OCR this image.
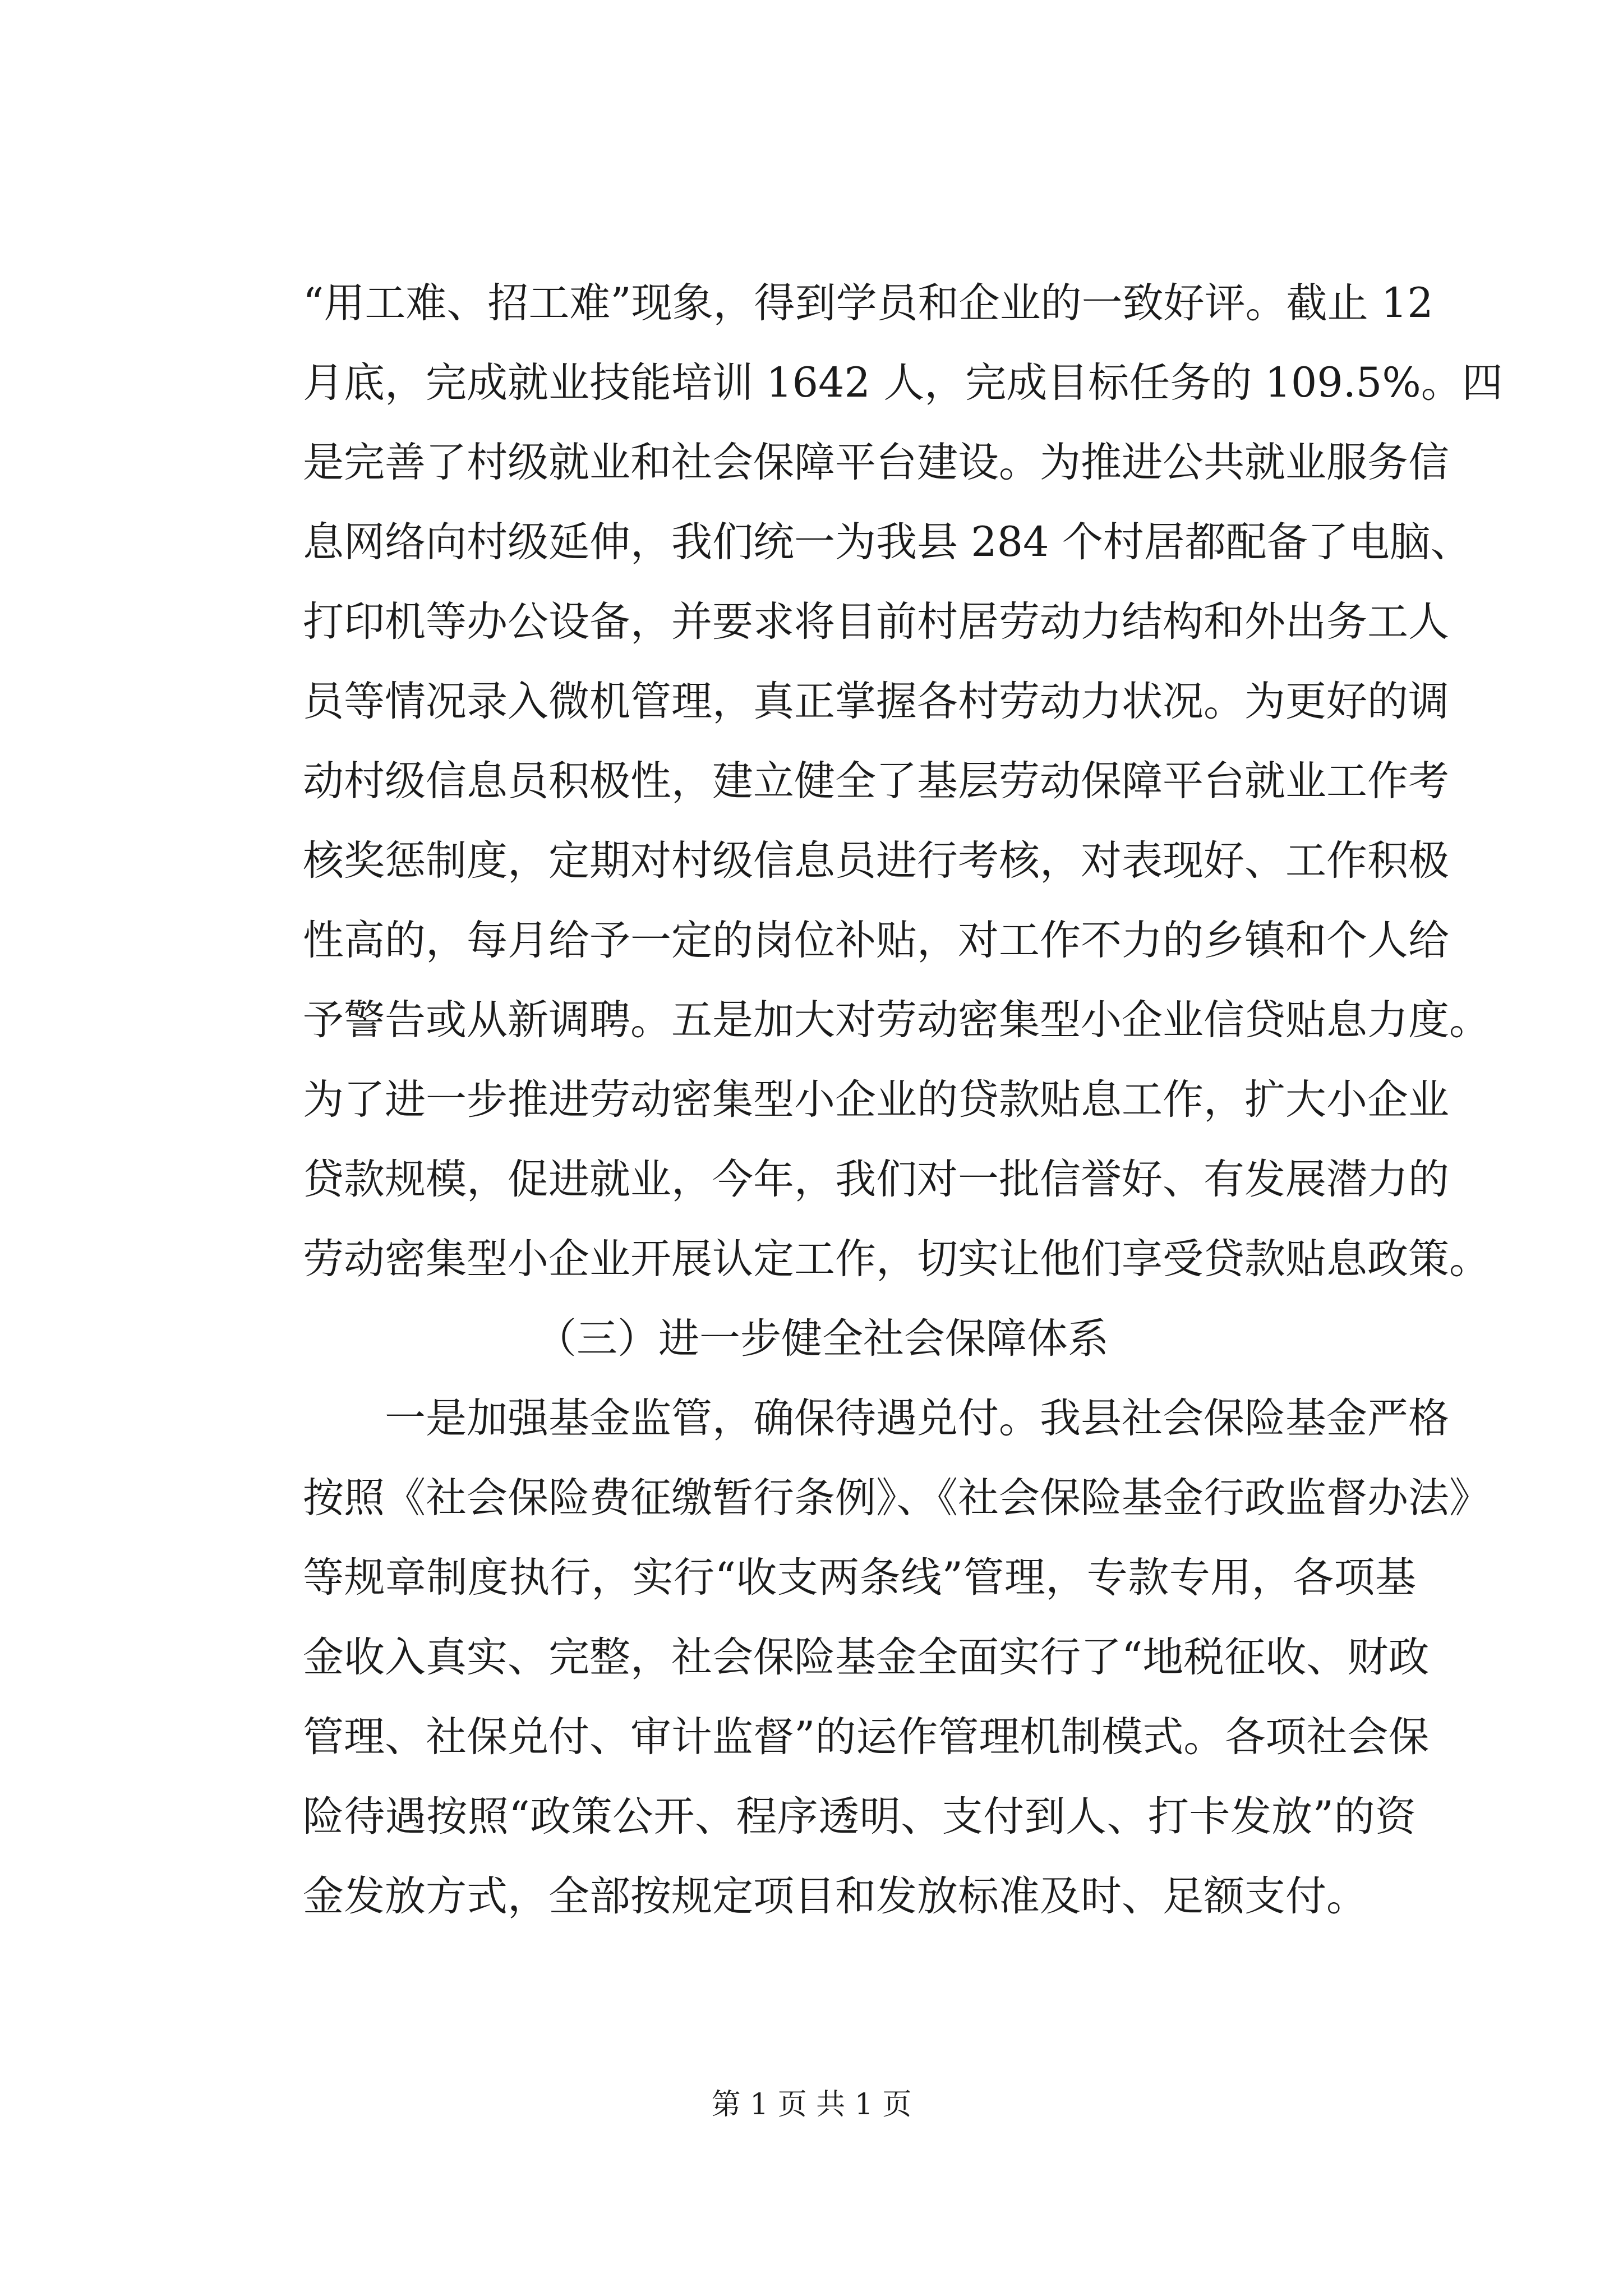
“用工难、招工难”现象，得到学员和企业的一致好评。截止 12
月底，完成就业技能培训 1642 人，完成目标任务的 109.5%。四
是完善了村级就业和社会保障平台建设。为推进公共就业服务信
息网络向村级延伸，我们统一为我县 284 个村居都配备了电脑、
打印机等办公设备，并要求将目前村居劳动力结构和外出务工人
员等情况录入微机管理，真正掌握各村劳动力状况。为更好的调
动村级信息员积极性，建立健全了基层劳动保障平台就业工作考
核奖惩制度，定期对村级信息员进行考核，对表现好、工作积极
性高的，每月给予一定的岗位补贴，对工作不力的乡镇和个人给
予警告或从新调聘。五是加大对劳动密集型小企业信贷贴息力度。
为了进一步推进劳动密集型小企业的贷款贴息工作，扩大小企业
贷款规模，促进就业，今年，我们对一批信誉好、有发展潜力的
劳动密集型小企业开展认定工作，切实让他们享受贷款贴息政策。
（三）进一步健全社会保障体系
一是加强基金监管，确保待遇兑付。我县社会保险基金严格
按照《社会保险费征缴暂行条例》、《社会保险基金行政监督办法》
等规章制度执行，实行“收支两条线”管理，专款专用，各项基
金收入真实、完整，社会保险基金全面实行了“地税征收、财政
管理、社保兑付、审计监督”的运作管理机制模式。各项社会保
险待遇按照“政策公开、程序透明、支付到人、打卡发放”的资
金发放方式，全部按规定项目和发放标准及时、足额支付。
第 1 页 共 1 页
